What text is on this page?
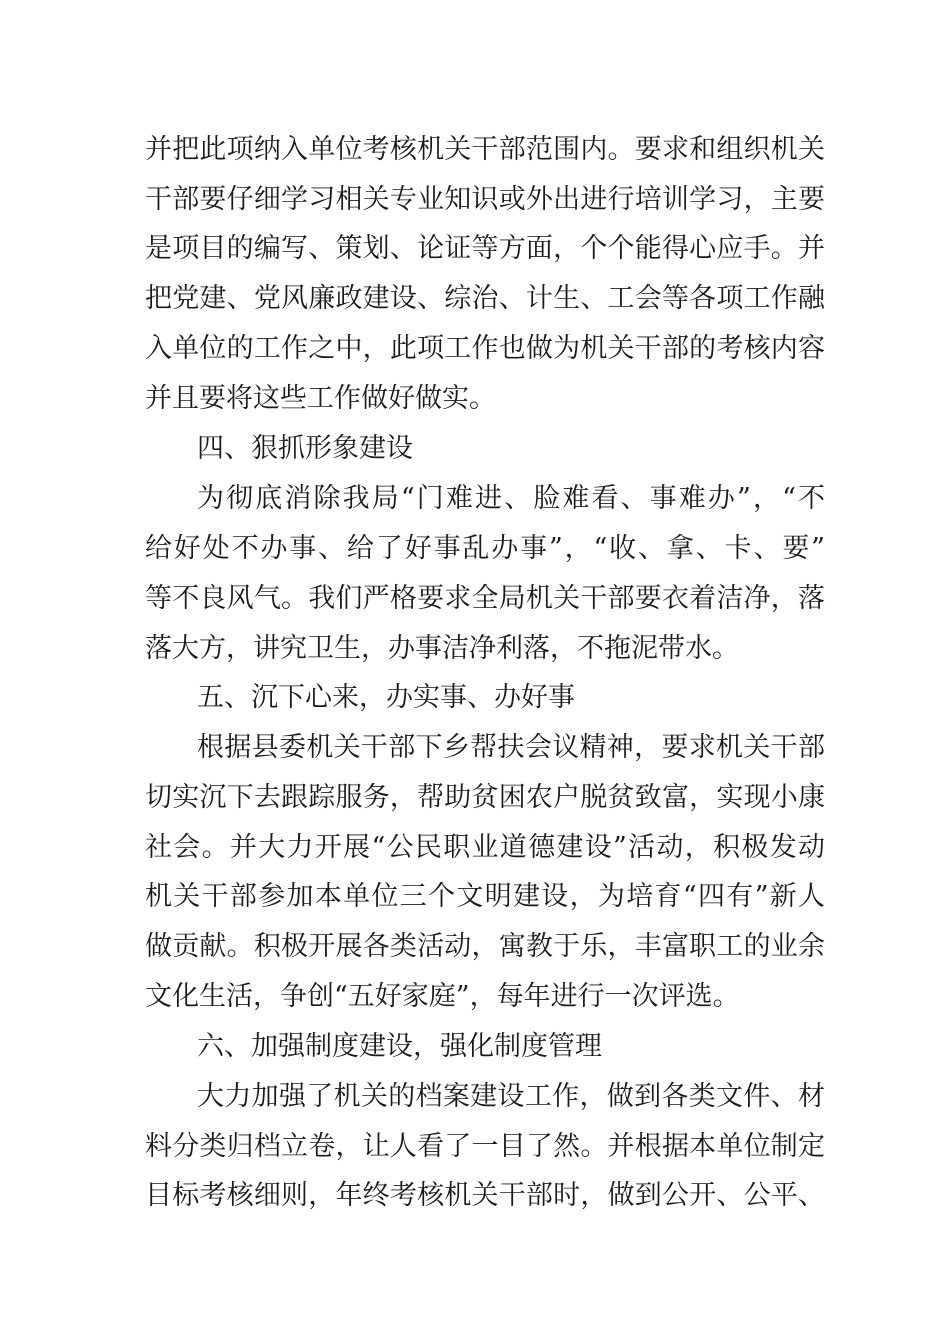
并把此项纳入单位考核机关干部范围内。要求和组织机关
干部要仔细学习相关专业知识或外出进行培训学习，主要
是项目的编写、策划、论证等方面，个个能得心应手。并
把党建、党风廉政建设、综治、计生、工会等各项工作融
入单位的工作之中，此项工作也做为机关干部的考核内容
并且要将这些工作做好做实。
四、狠抓形象建设
为彻底消除我局“门难进、脸难看、事难办”，“不
给好处不办事、给了好事乱办事”，“收、拿、卡、要”
等不良风气。我们严格要求全局机关干部要衣着洁净，落
落大方，讲究卫生，办事洁净利落，不拖泥带水。
五、沉下心来，办实事、办好事
根据县委机关干部下乡帮扶会议精神，要求机关干部
切实沉下去跟踪服务，帮助贫困农户脱贫致富，实现小康
社会。并大力开展“公民职业道德建设”活动，积极发动
机关干部参加本单位三个文明建设，为培育“四有”新人
做贡献。积极开展各类活动，寓教于乐，丰富职工的业余
文化生活，争创“五好家庭”，每年进行一次评选。
六、加强制度建设，强化制度管理
大力加强了机关的档案建设工作，做到各类文件、材
料分类归档立卷，让人看了一目了然。并根据本单位制定
目标考核细则，年终考核机关干部时，做到公开、公平、
